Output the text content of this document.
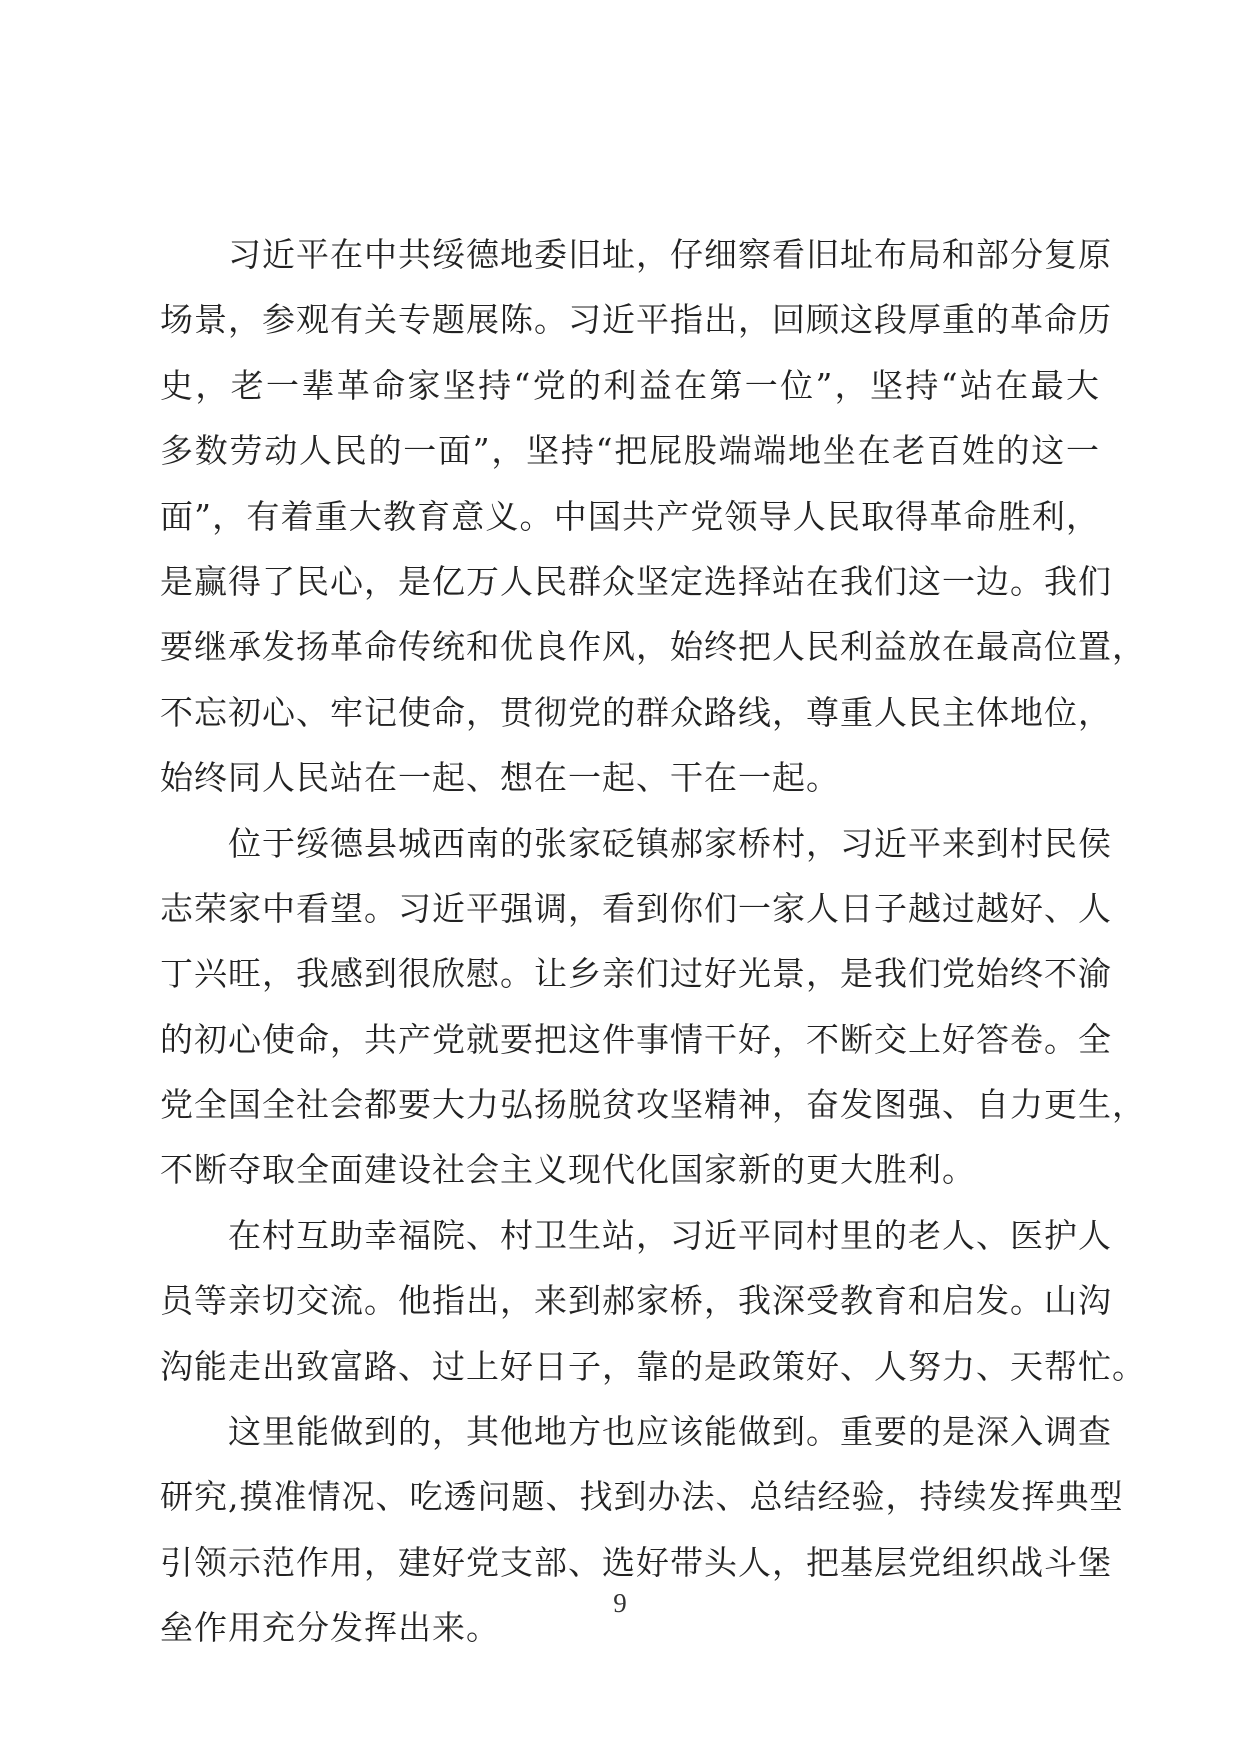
习近平在中共绥德地委旧址，仔细察看旧址布局和部分复原
场景，参观有关专题展陈。习近平指出，回顾这段厚重的革命历
史，老一辈革命家坚持“党的利益在第一位”，坚持“站在最大
多数劳动人民的一面”，坚持“把屁股端端地坐在老百姓的这一
面”，有着重大教育意义。中国共产党领导人民取得革命胜利，
是赢得了民心，是亿万人民群众坚定选择站在我们这一边。我们
要继承发扬革命传统和优良作风，始终把人民利益放在最高位置，
不忘初心、牢记使命，贯彻党的群众路线，尊重人民主体地位，
始终同人民站在一起、想在一起、干在一起。
位于绥德县城西南的张家砭镇郝家桥村，习近平来到村民侯
志荣家中看望。习近平强调，看到你们一家人日子越过越好、人
丁兴旺，我感到很欣慰。让乡亲们过好光景，是我们党始终不渝
的初心使命，共产党就要把这件事情干好，不断交上好答卷。全
党全国全社会都要大力弘扬脱贫攻坚精神，奋发图强、自力更生，
不断夺取全面建设社会主义现代化国家新的更大胜利。
在村互助幸福院、村卫生站，习近平同村里的老人、医护人
员等亲切交流。他指出，来到郝家桥，我深受教育和启发。山沟
沟能走出致富路、过上好日子，靠的是政策好、人努力、天帮忙。
这里能做到的，其他地方也应该能做到。重要的是深入调查
研究,摸准情况、吃透问题、找到办法、总结经验，持续发挥典型
引领示范作用，建好党支部、选好带头人，把基层党组织战斗堡
垒作用充分发挥出来。
9
